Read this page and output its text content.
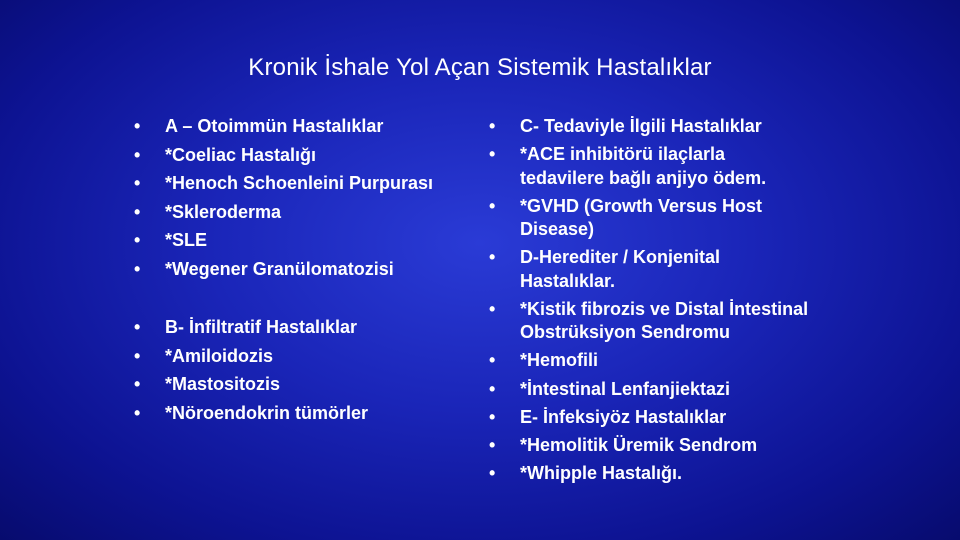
Kronik İshale Yol Açan Sistemik Hastalıklar
• A – Otoimmün Hastalıklar
• *Coeliac Hastalığı
• *Henoch Schoenleini Purpurası
• *Skleroderma
• *SLE
• *Wegener Granülomatozisi
• B- İnfiltratif Hastalıklar
• *Amiloidozis
• *Mastositozis
• *Nöroendokrin tümörler
• C- Tedaviyle İlgili Hastalıklar
• *ACE inhibitörü ilaçlarla tedavilere bağlı anjiyo ödem.
• *GVHD (Growth Versus Host Disease)
• D-Herediter / Konjenital Hastalıklar.
• *Kistik fibrozis ve Distal İntestinal Obstrüksiyon Sendromu
• *Hemofili
• *İntestinal Lenfanjiektazi
• E- İnfeksiyöz Hastalıklar
• *Hemolitik Üremik Sendrom
• *Whipple Hastalığı.
